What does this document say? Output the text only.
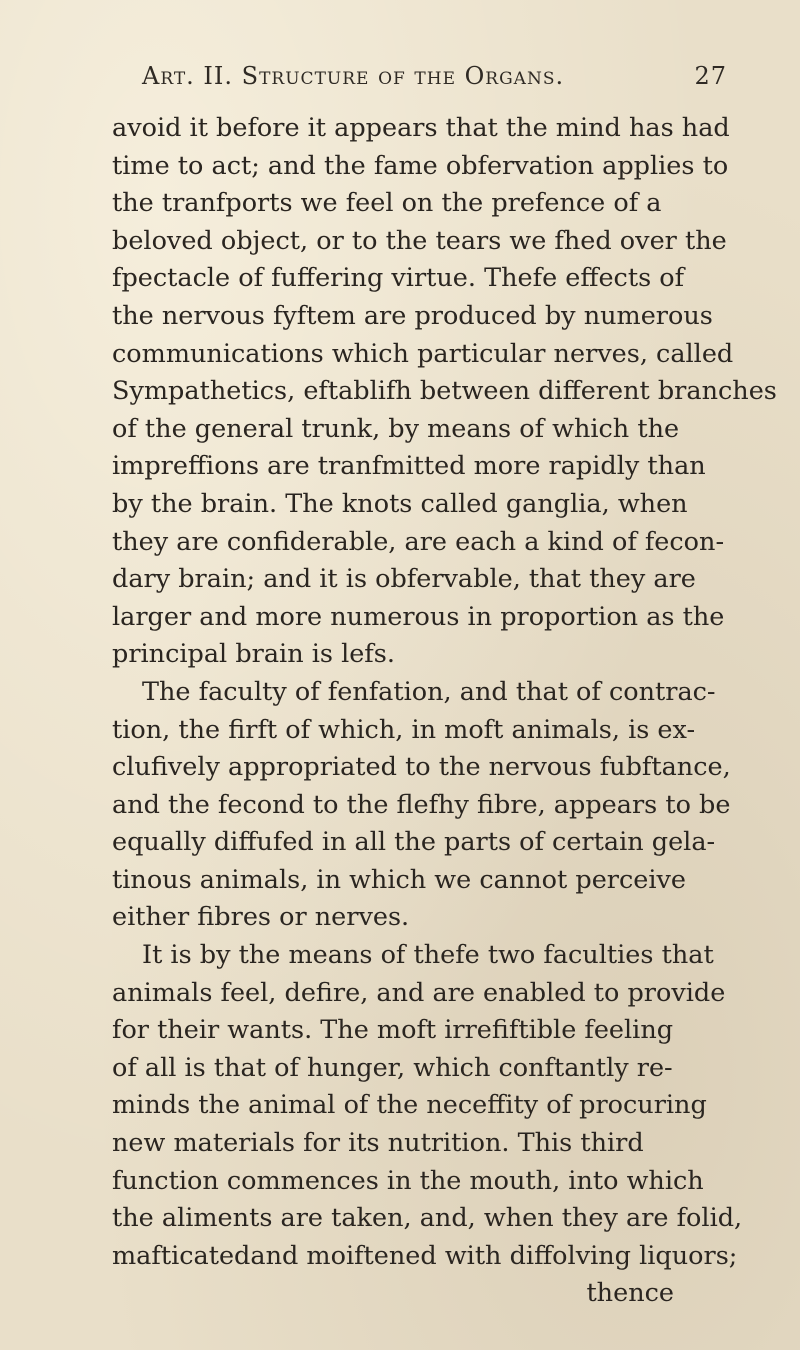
Art. II. Structure of the Organs.	27
avoid it before it appears that the mind has had
time to act; and the fame obfervation applies to
the tranfports we feel on the prefence of a
beloved object, or to the tears we fhed over the
fpectacle of fuffering virtue. Thefe effects of
the nervous fyftem are produced by numerous
communications which particular nerves, called
Sympathetics, eftablifh between different branches
of the general trunk, by means of which the
impreffions are tranfmitted more rapidly than
by the brain. The knots called ganglia, when
they are confiderable, are each a kind of fecon-
dary brain; and it is obfervable, that they are
larger and more numerous in proportion as the
principal brain is lefs.
The faculty of fenfation, and that of contrac-
tion, the firft of which, in moft animals, is ex-
clufively appropriated to the nervous fubftance,
and the fecond to the flefhy fibre, appears to be
equally diffufed in all the parts of certain gela-
tinous animals, in which we cannot perceive
either fibres or nerves.
It is by the means of thefe two faculties that
animals feel, defire, and are enabled to provide
for their wants. The moft irrefiftible feeling
of all is that of hunger, which conftantly re-
minds the animal of the neceffity of procuring
new materials for its nutrition. This third
function commences in the mouth, into which
the aliments are taken, and, when they are folid,
mafticatedand moiftened with diffolving liquors;
thence
